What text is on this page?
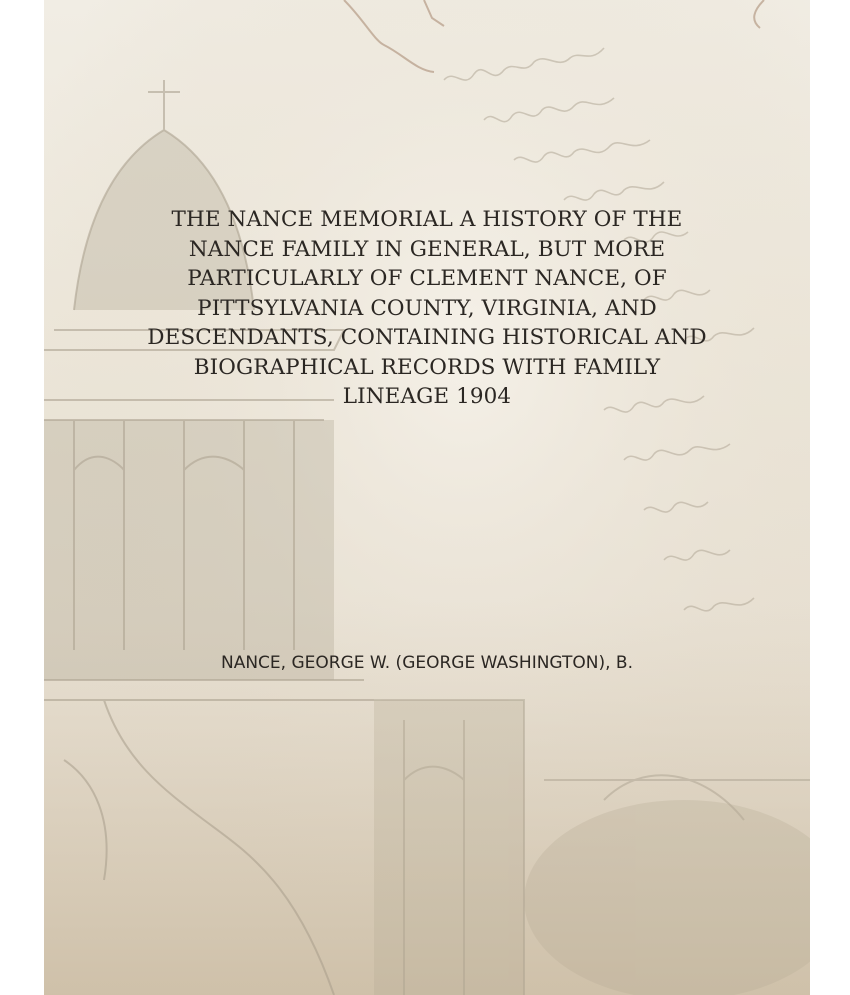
THE NANCE MEMORIAL A HISTORY OF THE
NANCE FAMILY IN GENERAL, BUT MORE
PARTICULARLY OF CLEMENT NANCE, OF
PITTSYLVANIA COUNTY, VIRGINIA, AND
DESCENDANTS, CONTAINING HISTORICAL AND
BIOGRAPHICAL RECORDS WITH FAMILY
LINEAGE 1904

NANCE, GEORGE W. (GEORGE WASHINGTON), B.
